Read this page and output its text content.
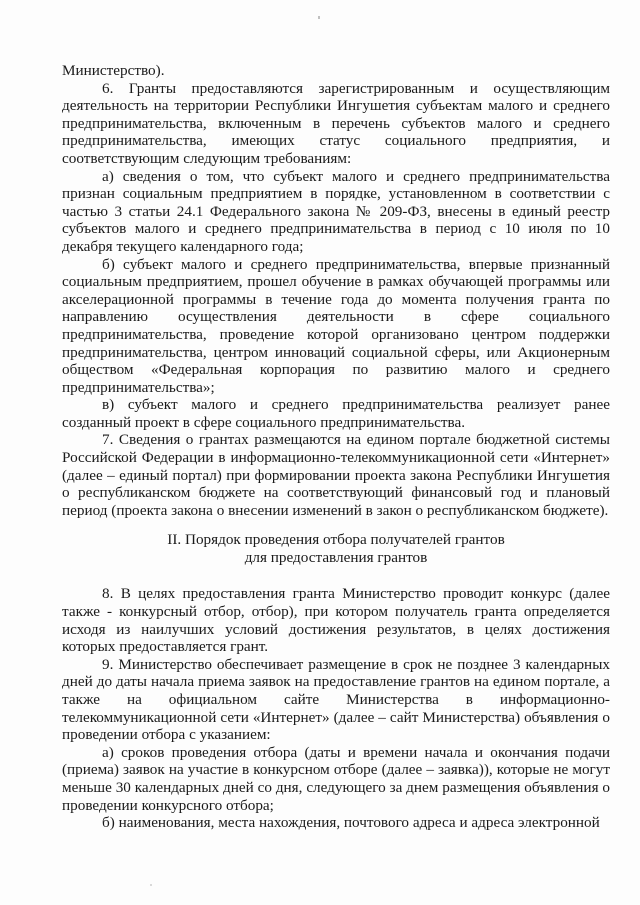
Министерство).

6. Гранты предоставляются зарегистрированным и осуществляющим деятельность на территории Республики Ингушетия субъектам малого и среднего предпринимательства, включенным в перечень субъектов малого и среднего предпринимательства, имеющих статус социального предприятия, и соответствующим следующим требованиям:

а) сведения о том, что субъект малого и среднего предпринимательства признан социальным предприятием в порядке, установленном в соответствии с частью 3 статьи 24.1 Федерального закона № 209-ФЗ, внесены в единый реестр субъектов малого и среднего предпринимательства в период с 10 июля по 10 декабря текущего календарного года;

б) субъект малого и среднего предпринимательства, впервые признанный социальным предприятием, прошел обучение в рамках обучающей программы или акселерационной программы в течение года до момента получения гранта по направлению осуществления деятельности в сфере социального предпринимательства, проведение которой организовано центром поддержки предпринимательства, центром инноваций социальной сферы, или Акционерным обществом «Федеральная корпорация по развитию малого и среднего предпринимательства»;

в) субъект малого и среднего предпринимательства реализует ранее созданный проект в сфере социального предпринимательства.

7. Сведения о грантах размещаются на едином портале бюджетной системы Российской Федерации в информационно-телекоммуникационной сети «Интернет» (далее – единый портал) при формировании проекта закона Республики Ингушетия о республиканском бюджете на соответствующий финансовый год и плановый период (проекта закона о внесении изменений в закон о республиканском бюджете).

II. Порядок проведения отбора получателей грантов
для предоставления грантов

8. В целях предоставления гранта Министерство проводит конкурс (далее также - конкурсный отбор, отбор), при котором получатель гранта определяется исходя из наилучших условий достижения результатов, в целях достижения которых предоставляется грант.

9. Министерство обеспечивает размещение в срок не позднее 3 календарных дней до даты начала приема заявок на предоставление грантов на едином портале, а также на официальном сайте Министерства в информационно-телекоммуникационной сети «Интернет» (далее – сайт Министерства) объявления о проведении отбора с указанием:

а) сроков проведения отбора (даты и времени начала и окончания подачи (приема) заявок на участие в конкурсном отборе (далее – заявка)), которые не могут меньше 30 календарных дней со дня, следующего за днем размещения объявления о проведении конкурсного отбора;

б) наименования, места нахождения, почтового адреса и адреса электронной
